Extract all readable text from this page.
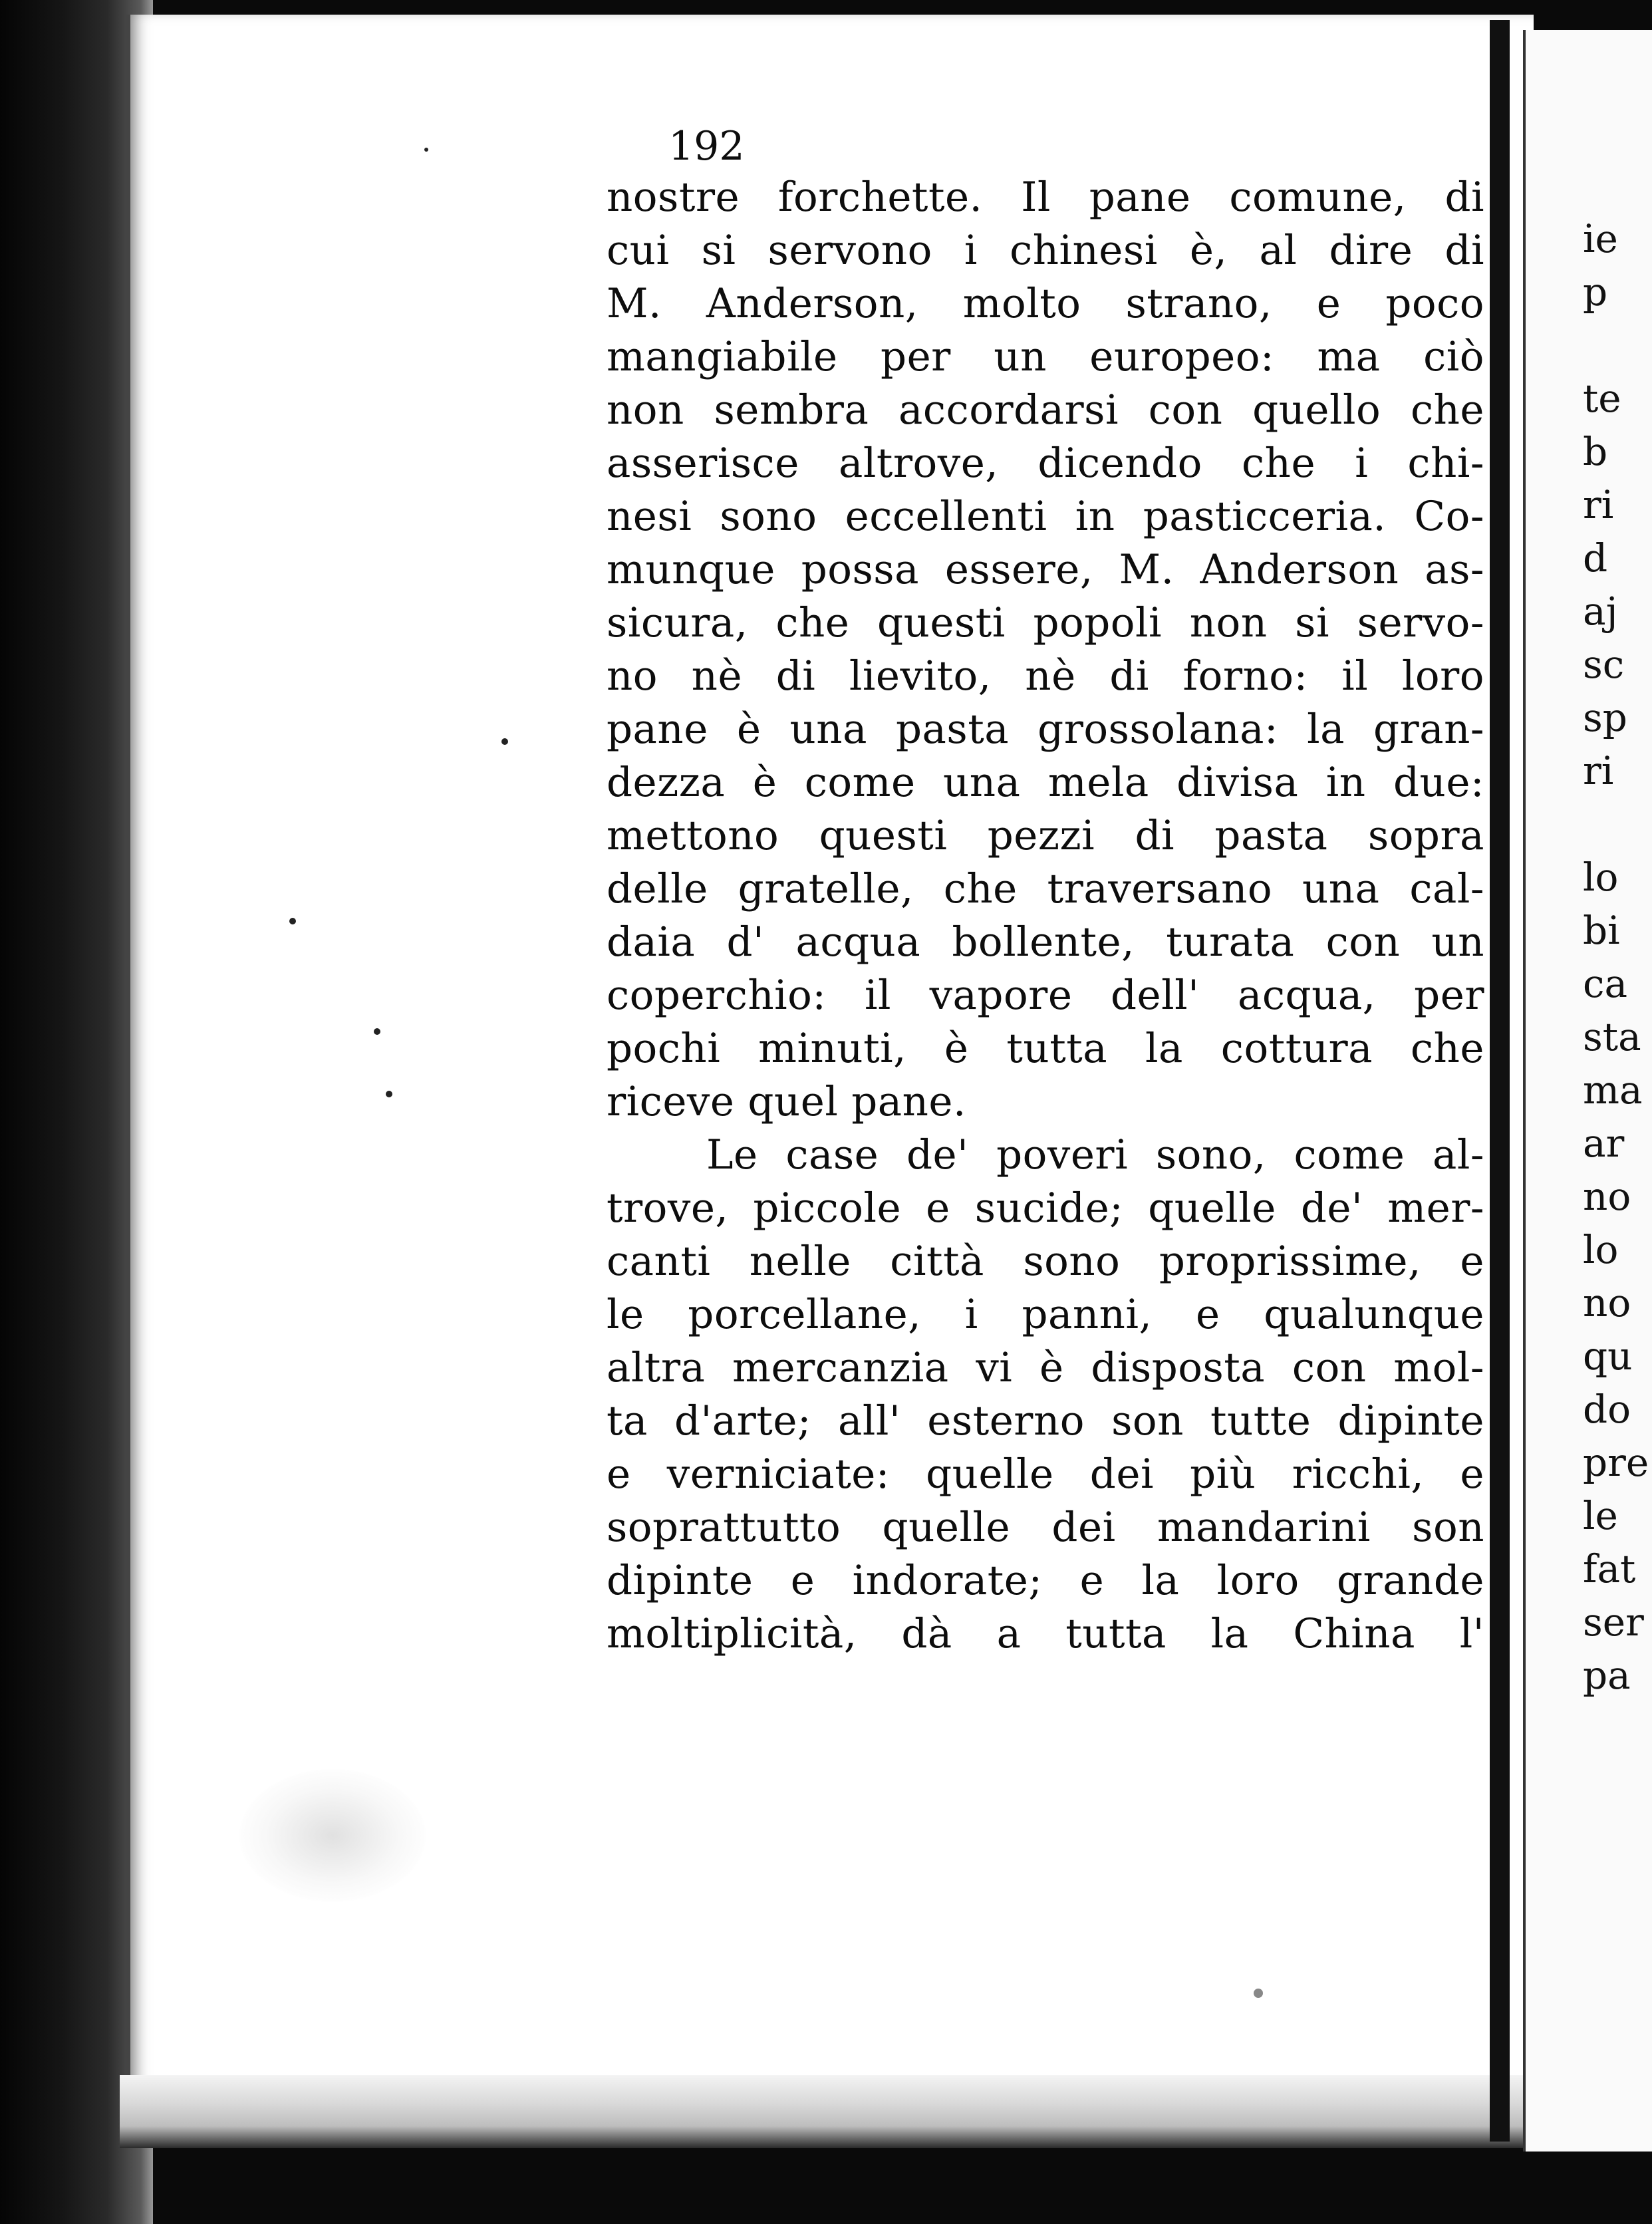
192
nostre forchette. Il pane comune, di
cui si servono i chinesi è, al dire di
M. Anderson, molto strano, e poco
mangiabile per un europeo: ma ciò
non sembra accordarsi con quello che
asserisce altrove, dicendo che i chi-
nesi sono eccellenti in pasticceria. Co-
munque possa essere, M. Anderson as-
sicura, che questi popoli non si servo-
no nè di lievito, nè di forno: il loro
pane è una pasta grossolana: la gran-
dezza è come una mela divisa in due:
mettono questi pezzi di pasta sopra
delle gratelle, che traversano una cal-
daia d' acqua bollente, turata con un
coperchio: il vapore dell' acqua, per
pochi minuti, è tutta la cottura che
riceve quel pane.
Le case de' poveri sono, come al-
trove, piccole e sucide; quelle de' mer-
canti nelle città sono proprissime, e
le porcellane, i panni, e qualunque
altra mercanzia vi è disposta con mol-
ta d'arte; all' esterno son tutte dipinte
e verniciate: quelle dei più ricchi, e
soprattutto quelle dei mandarini son
dipinte e indorate; e la loro grande
moltiplicità, dà a tutta la China l'
ie
p
te
b
ri
d
aj
sc
sp
ri
lo
bi
ca
sta
ma
ar
no
lo
no
qu
do
pre
le
fat
ser
pa
